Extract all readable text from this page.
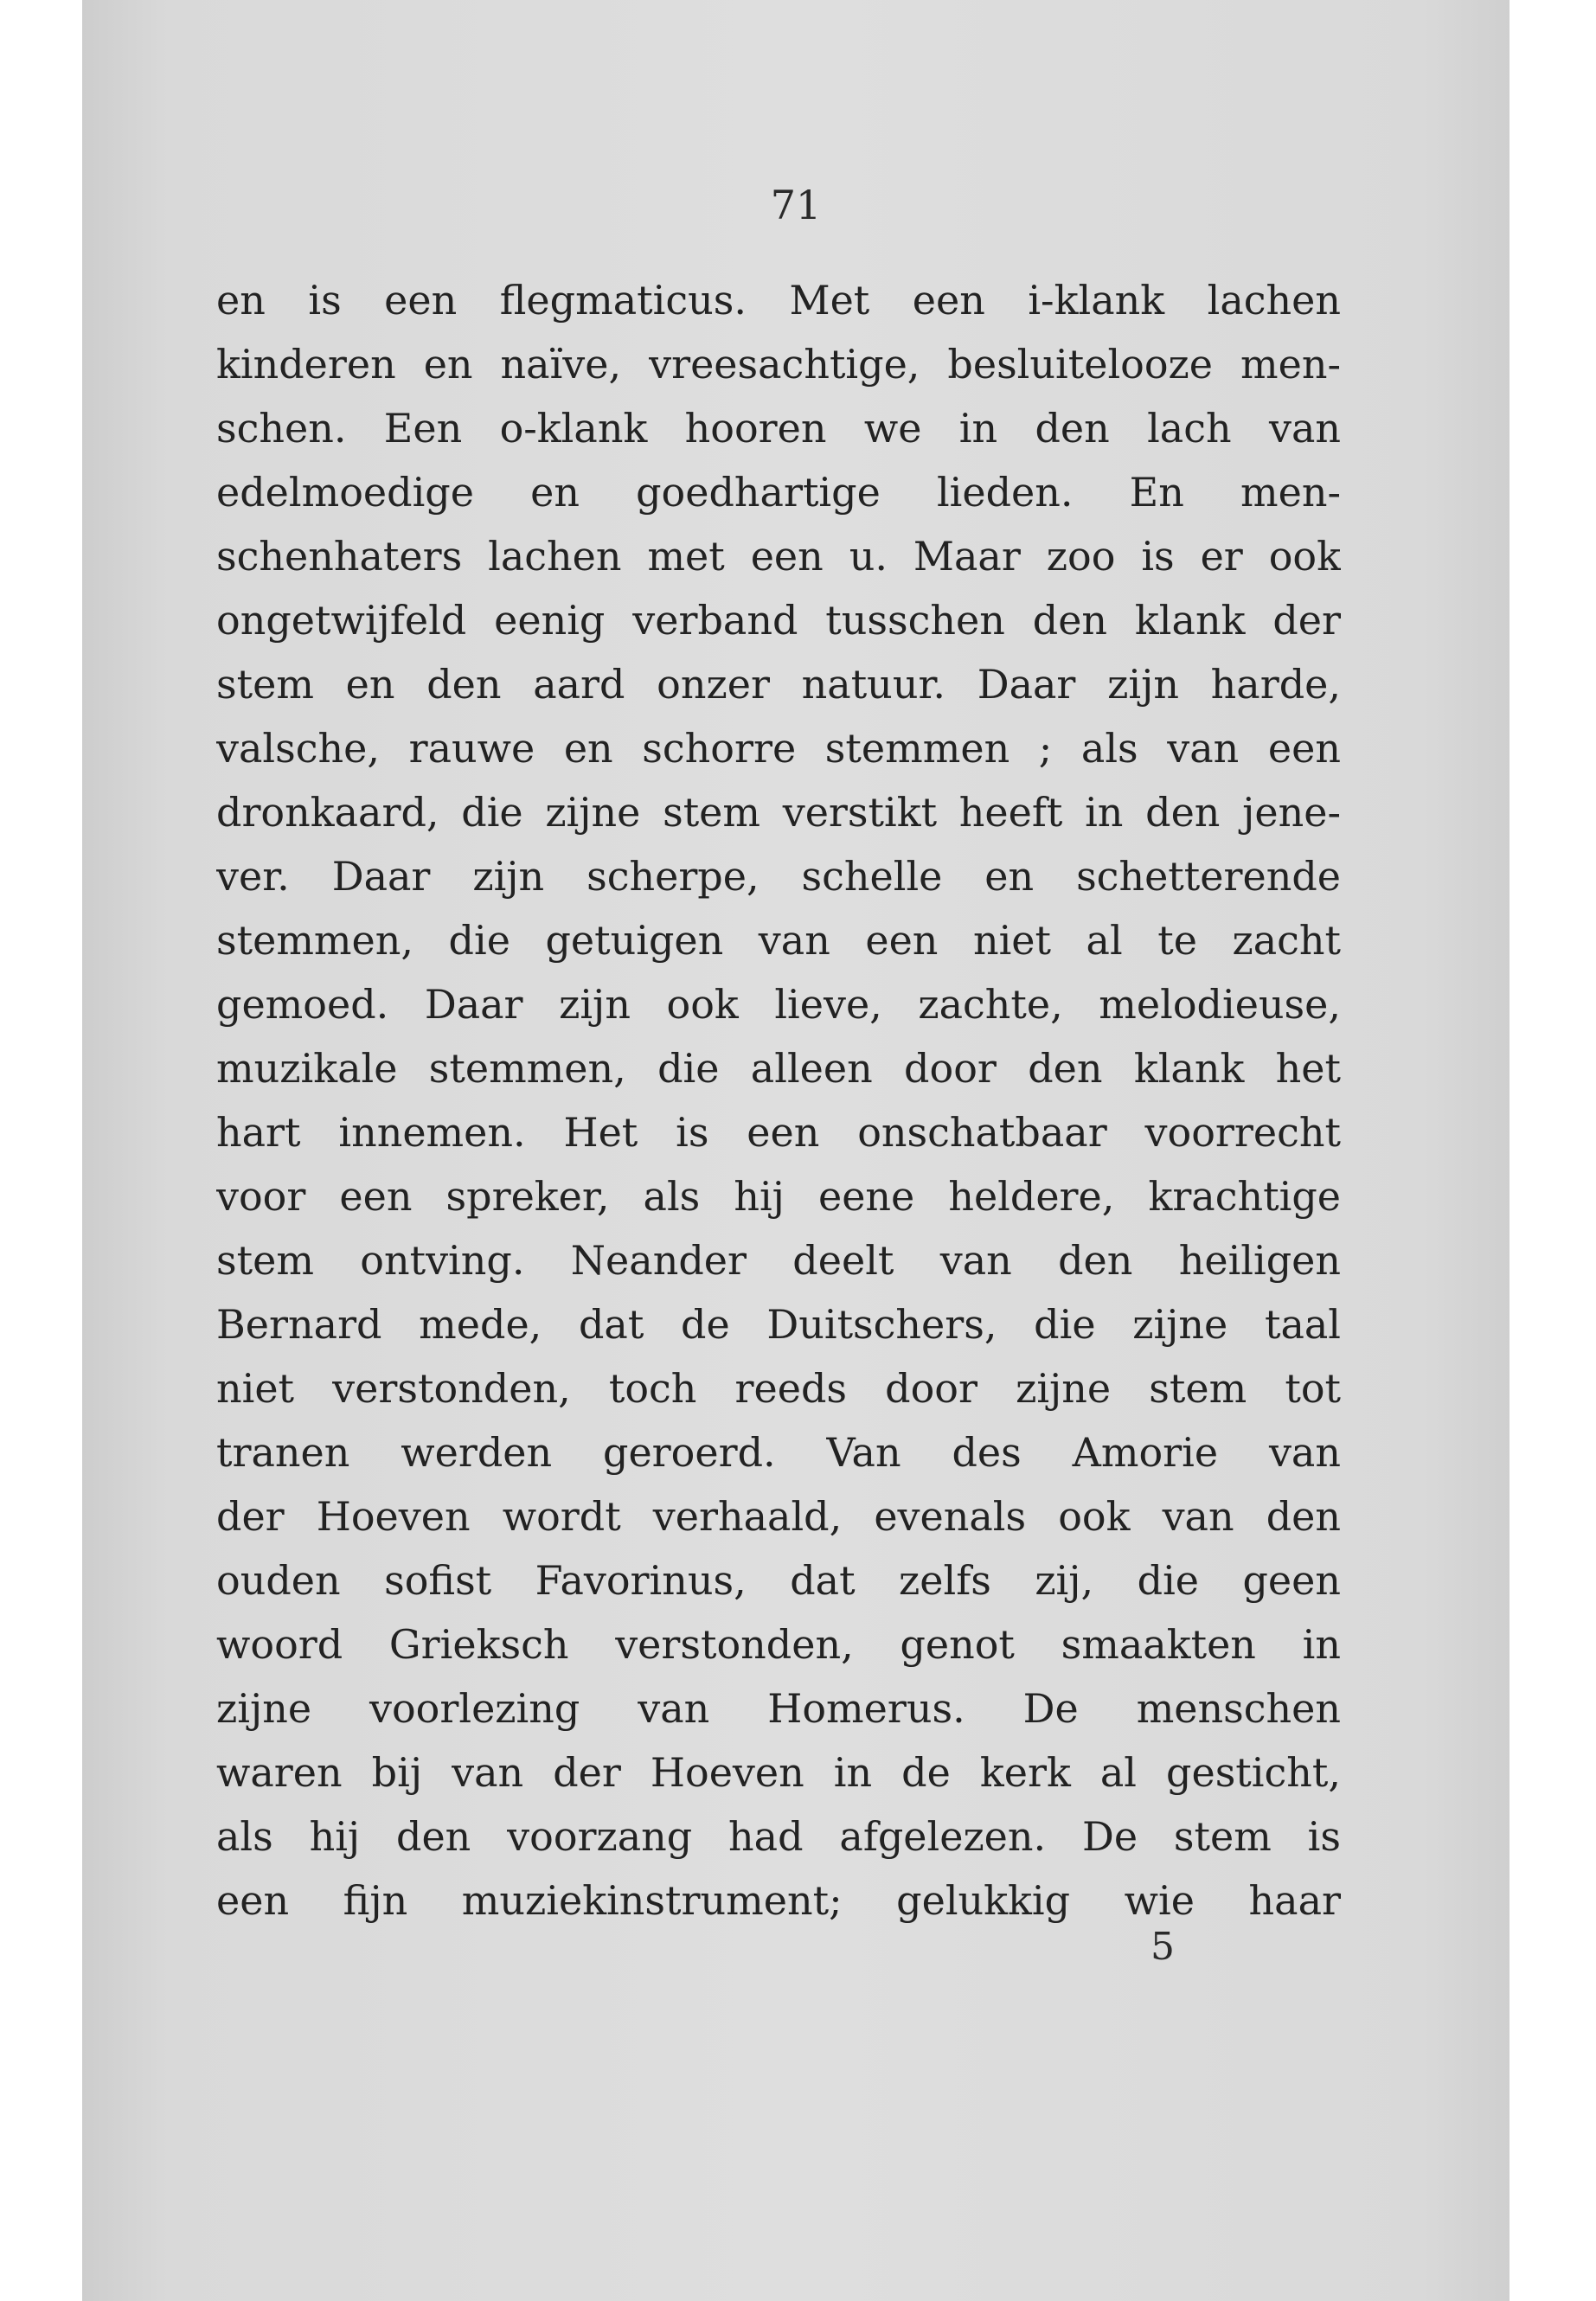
71
en is een flegmaticus. Met een i-klank lachen
kinderen en naïve, vreesachtige, besluitelooze men-
schen. Een o-klank hooren we in den lach van
edelmoedige en goedhartige lieden. En men-
schenhaters lachen met een u. Maar zoo is er ook
ongetwijfeld eenig verband tusschen den klank der
stem en den aard onzer natuur. Daar zijn harde,
valsche, rauwe en schorre stemmen ; als van een
dronkaard, die zijne stem verstikt heeft in den jene-
ver. Daar zijn scherpe, schelle en schetterende
stemmen, die getuigen van een niet al te zacht
gemoed. Daar zijn ook lieve, zachte, melodieuse,
muzikale stemmen, die alleen door den klank het
hart innemen. Het is een onschatbaar voorrecht
voor een spreker, als hij eene heldere, krachtige
stem ontving. Neander deelt van den heiligen
Bernard mede, dat de Duitschers, die zijne taal
niet verstonden, toch reeds door zijne stem tot
tranen werden geroerd. Van des Amorie van
der Hoeven wordt verhaald, evenals ook van den
ouden sofist Favorinus, dat zelfs zij, die geen
woord Grieksch verstonden, genot smaakten in
zijne voorlezing van Homerus. De menschen
waren bij van der Hoeven in de kerk al gesticht,
als hij den voorzang had afgelezen. De stem is
een fijn muziekinstrument; gelukkig wie haar
5
